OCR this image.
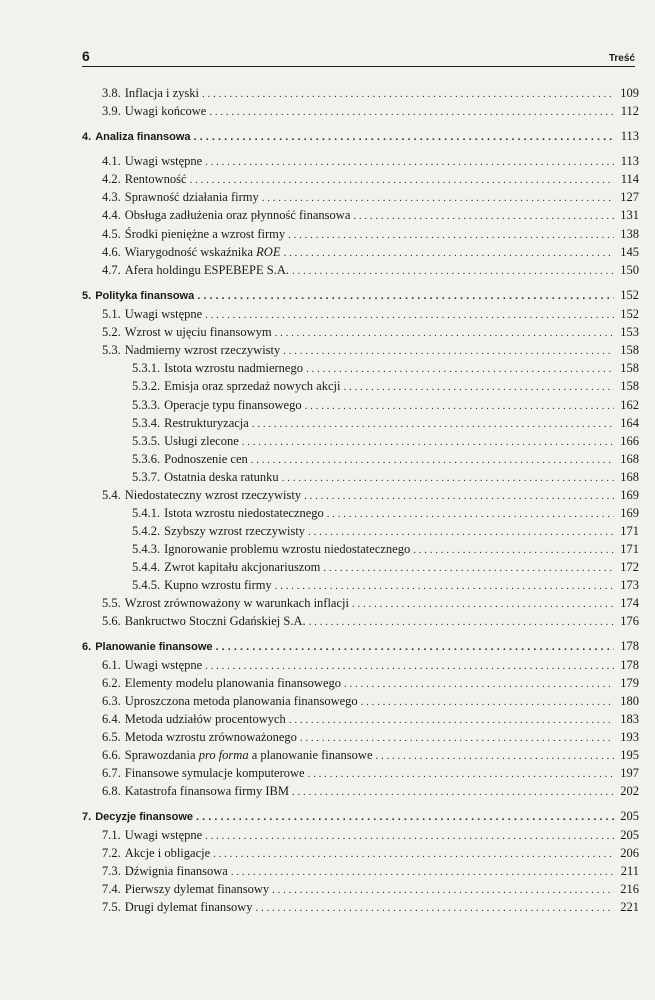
6	Treść
3.8. Inflacja i zyski . . .	109
3.9. Uwagi końcowe . . .	112
4. Analiza finansowa . . .	113
4.1. Uwagi wstępne . . .	113
4.2. Rentowność . . .	114
4.3. Sprawność działania firmy . . .	127
4.4. Obsługa zadłużenia oraz płynność finansowa . . .	131
4.5. Środki pieniężne a wzrost firmy . . .	138
4.6. Wiarygodność wskaźnika ROE . . .	145
4.7. Afera holdingu ESPEBEPE S.A. . . .	150
5. Polityka finansowa . . .	152
5.1. Uwagi wstępne . . .	152
5.2. Wzrost w ujęciu finansowym . . .	153
5.3. Nadmierny wzrost rzeczywisty . . .	158
5.3.1. Istota wzrostu nadmiernego . . .	158
5.3.2. Emisja oraz sprzedaż nowych akcji . . .	158
5.3.3. Operacje typu finansowego . . .	162
5.3.4. Restrukturyzacja . . .	164
5.3.5. Usługi zlecone . . .	166
5.3.6. Podnoszenie cen . . .	168
5.3.7. Ostatnia deska ratunku . . .	168
5.4. Niedostateczny wzrost rzeczywisty . . .	169
5.4.1. Istota wzrostu niedostatecznego . . .	169
5.4.2. Szybszy wzrost rzeczywisty . . .	171
5.4.3. Ignorowanie problemu wzrostu niedostatecznego . . .	171
5.4.4. Zwrot kapitału akcjonariuszom . . .	172
5.4.5. Kupno wzrostu firmy . . .	173
5.5. Wzrost zrównoważony w warunkach inflacji . . .	174
5.6. Bankructwo Stoczni Gdańskiej S.A. . . .	176
6. Planowanie finansowe . . .	178
6.1. Uwagi wstępne . . .	178
6.2. Elementy modelu planowania finansowego . . .	179
6.3. Uproszczona metoda planowania finansowego . . .	180
6.4. Metoda udziałów procentowych . . .	183
6.5. Metoda wzrostu zrównoważonego . . .	193
6.6. Sprawozdania pro forma a planowanie finansowe . . .	195
6.7. Finansowe symulacje komputerowe . . .	197
6.8. Katastrofa finansowa firmy IBM . . .	202
7. Decyzje finansowe . . .	205
7.1. Uwagi wstępne . . .	205
7.2. Akcje i obligacje . . .	206
7.3. Dźwignia finansowa . . .	211
7.4. Pierwszy dylemat finansowy . . .	216
7.5. Drugi dylemat finansowy . . .	221
